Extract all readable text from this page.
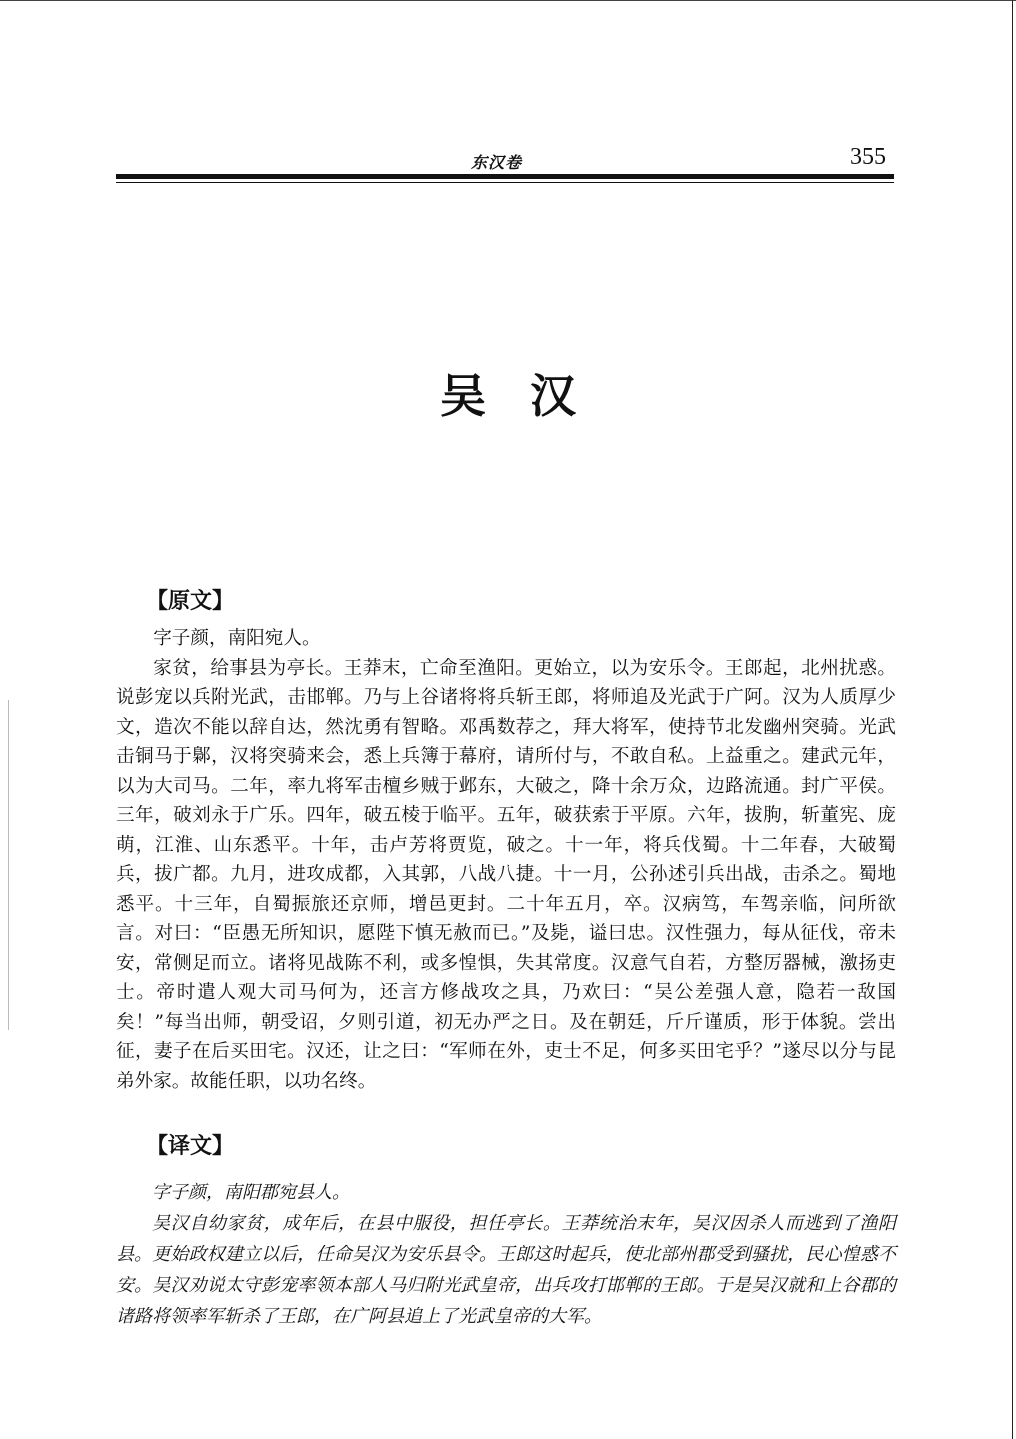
东汉卷	355
吴汉
【原文】

字子颜，南阳宛人。

家贫，给事县为亭长。王莽末，亡命至渔阳。更始立，以为安乐令。王郎起，北州扰惑。说彭宠以兵附光武，击邯郸。乃与上谷诸将将兵斩王郎，将师追及光武于广阿。汉为人质厚少文，造次不能以辞自达，然沈勇有智略。邓禹数荐之，拜大将军，使持节北发幽州突骑。光武击铜马于鄡，汉将突骑来会，悉上兵簿于幕府，请所付与，不敢自私。上益重之。建武元年，以为大司马。二年，率九将军击檀乡贼于邺东，大破之，降十余万众，边路流通。封广平侯。三年，破刘永于广乐。四年，破五棱于临平。五年，破获索于平原。六年，拔朐，斩董宪、庞萌，江淮、山东悉平。十年，击卢芳将贾览，破之。十一年，将兵伐蜀。十二年春，大破蜀兵，拔广都。九月，进攻成都，入其郭，八战八捷。十一月，公孙述引兵出战，击杀之。蜀地悉平。十三年，自蜀振旅还京师，增邑更封。二十年五月，卒。汉病笃，车驾亲临，问所欲言。对曰：“臣愚无所知识，愿陛下慎无赦而已。”及毙，谥曰忠。汉性强力，每从征伐，帝未安，常侧足而立。诸将见战陈不利，或多惶惧，失其常度。汉意气自若，方整厉器械，激扬吏士。帝时遣人观大司马何为，还言方修战攻之具，乃欢曰：“吴公差强人意，隐若一敌国矣！”每当出师，朝受诏，夕则引道，初无办严之日。及在朝廷，斤斤谨质，形于体貌。尝出征，妻子在后买田宅。汉还，让之曰：“军师在外，吏士不足，何多买田宅乎？”遂尽以分与昆弟外家。故能任职，以功名终。

【译文】

字子颜，南阳郡宛县人。

吴汉自幼家贫，成年后，在县中服役，担任亭长。王莽统治末年，吴汉因杀人而逃到了渔阳县。更始政权建立以后，任命吴汉为安乐县令。王郎这时起兵，使北部州郡受到骚扰，民心惶惑不安。吴汉劝说太守彭宠率领本部人马归附光武皇帝，出兵攻打邯郸的王郎。于是吴汉就和上谷郡的诸路将领率军斩杀了王郎，在广阿县追上了光武皇帝的大军。
